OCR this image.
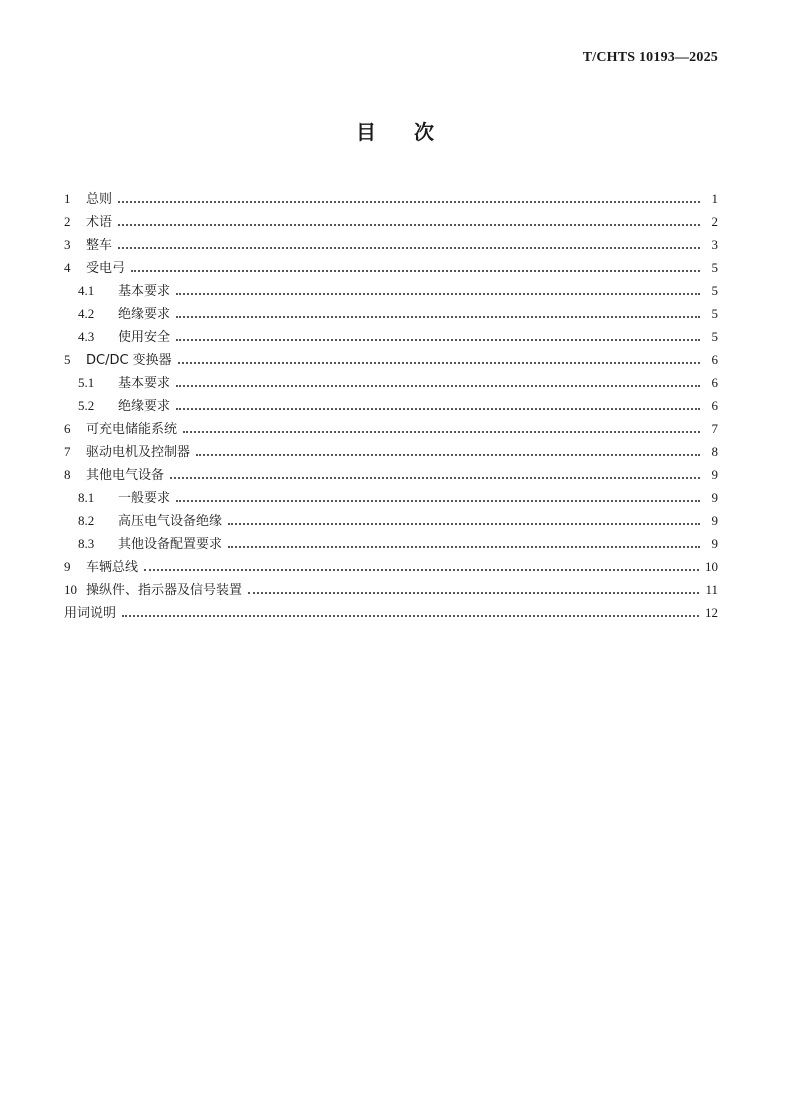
T/CHTS 10193—2025
目 次
1	总则	1
2	术语	2
3	整车	3
4	受电弓	5
4.1	基本要求	5
4.2	绝缘要求	5
4.3	使用安全	5
5	DC/DC 变换器	6
5.1	基本要求	6
5.2	绝缘要求	6
6	可充电储能系统	7
7	驱动电机及控制器	8
8	其他电气设备	9
8.1	一般要求	9
8.2	高压电气设备绝缘	9
8.3	其他设备配置要求	9
9	车辆总线	10
10 操纵件、指示器及信号装置	11
用词说明	12
